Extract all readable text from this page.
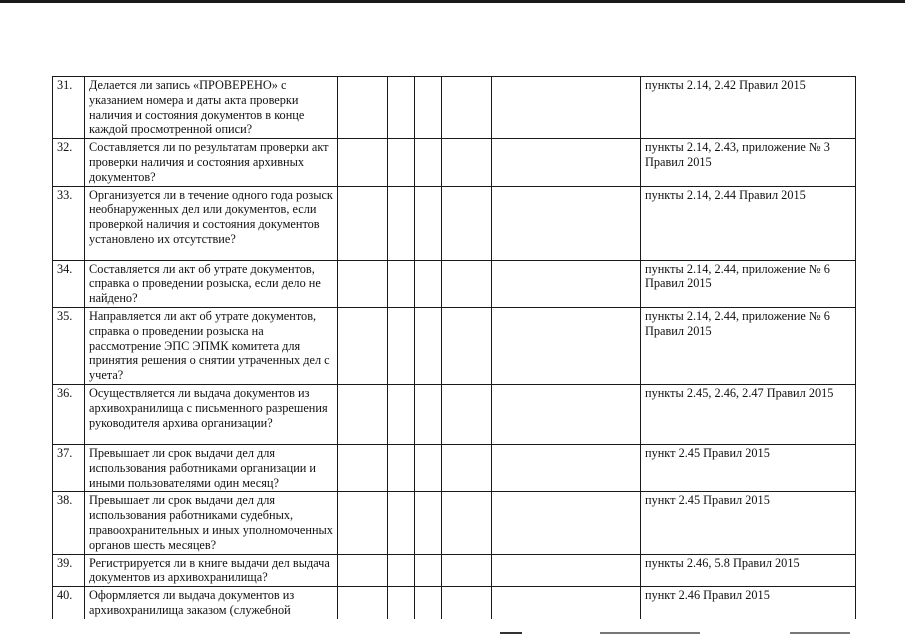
31.	Делается ли запись «ПРОВЕРЕНО» с указанием номера и даты акта проверки наличия и состояния документов в конце каждой просмотренной описи?						пункты 2.14, 2.42 Правил 2015
32.	Составляется ли по результатам проверки акт проверки наличия и состояния архивных документов?						пункты 2.14, 2.43, приложение № 3 Правил 2015
33.	Организуется ли в течение одного года розыск необнаруженных дел или документов, если проверкой наличия и состояния документов установлено их отсутствие?						пункты 2.14, 2.44 Правил 2015
34.	Составляется ли акт об утрате документов, справка о проведении розыска, если дело не найдено?						пункты 2.14, 2.44, приложение № 6 Правил 2015
35.	Направляется ли акт об утрате документов, справка о проведении розыска на рассмотрение ЭПС ЭПМК комитета для принятия решения о снятии утраченных дел с учета?						пункты 2.14, 2.44, приложение № 6 Правил 2015
36.	Осуществляется ли выдача документов из архивохранилища с письменного разрешения руководителя архива организации?						пункты 2.45, 2.46, 2.47 Правил 2015
37.	Превышает ли срок выдачи дел для использования работниками организации и иными пользователями один месяц?						пункт 2.45 Правил 2015
38.	Превышает ли срок выдачи дел для использования работниками судебных, правоохранительных и иных уполномоченных органов шесть месяцев?						пункт 2.45 Правил 2015
39.	Регистрируется ли в книге выдачи дел выдача документов из архивохранилища?						пункты 2.46, 5.8 Правил 2015
40.	Оформляется ли выдача документов из архивохранилища заказом (служебной						пункт 2.46 Правил 2015
